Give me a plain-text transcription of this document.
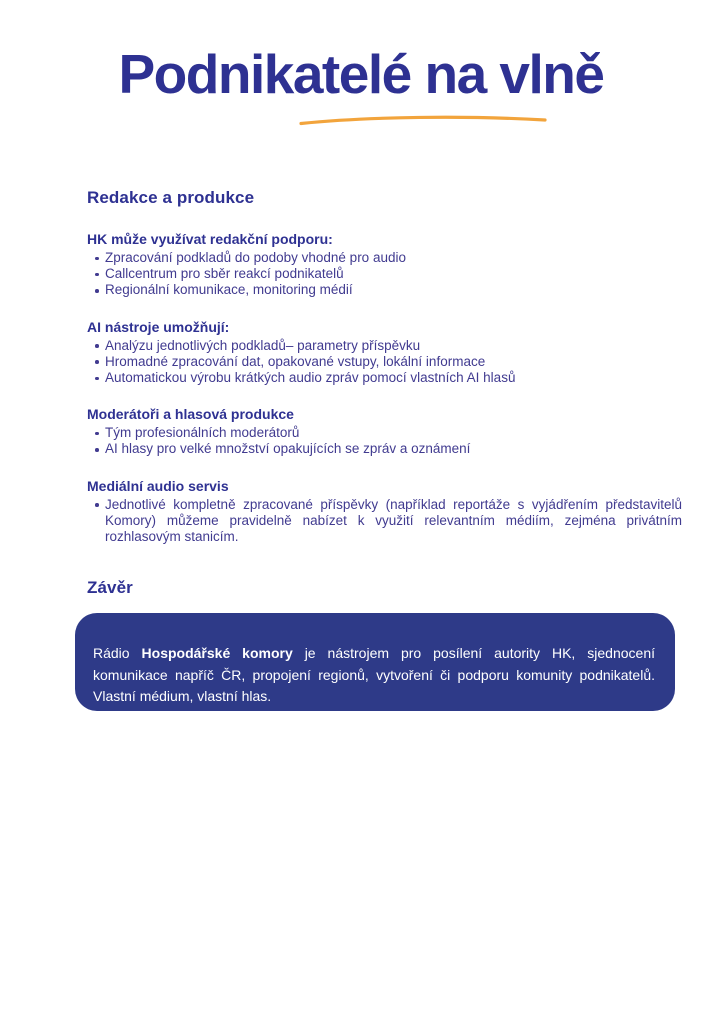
Podnikatelé na vlně
Redakce a produkce
HK může využívat redakční podporu:
Zpracování podkladů do podoby vhodné pro audio
Callcentrum pro sběr reakcí podnikatelů
Regionální komunikace, monitoring médií
AI nástroje umožňují:
Analýzu jednotlivých podkladů– parametry příspěvku
Hromadné zpracování dat, opakované vstupy, lokální informace
Automatickou výrobu krátkých audio zpráv pomocí vlastních AI hlasů
Moderátoři a hlasová produkce
Tým profesionálních moderátorů
AI hlasy pro velké množství opakujících se zpráv a oznámení
Mediální audio servis
Jednotlivé kompletně zpracované příspěvky (například reportáže s vyjádřením představitelů Komory) můžeme pravidelně nabízet k využití relevantním médiím, zejména privátním rozhlasovým stanicím.
Závěr

Rádio Hospodářské komory je nástrojem pro posílení autority HK, sjednocení komunikace napříč ČR, propojení regionů, vytvoření či podporu komunity podnikatelů. Vlastní médium, vlastní hlas.
